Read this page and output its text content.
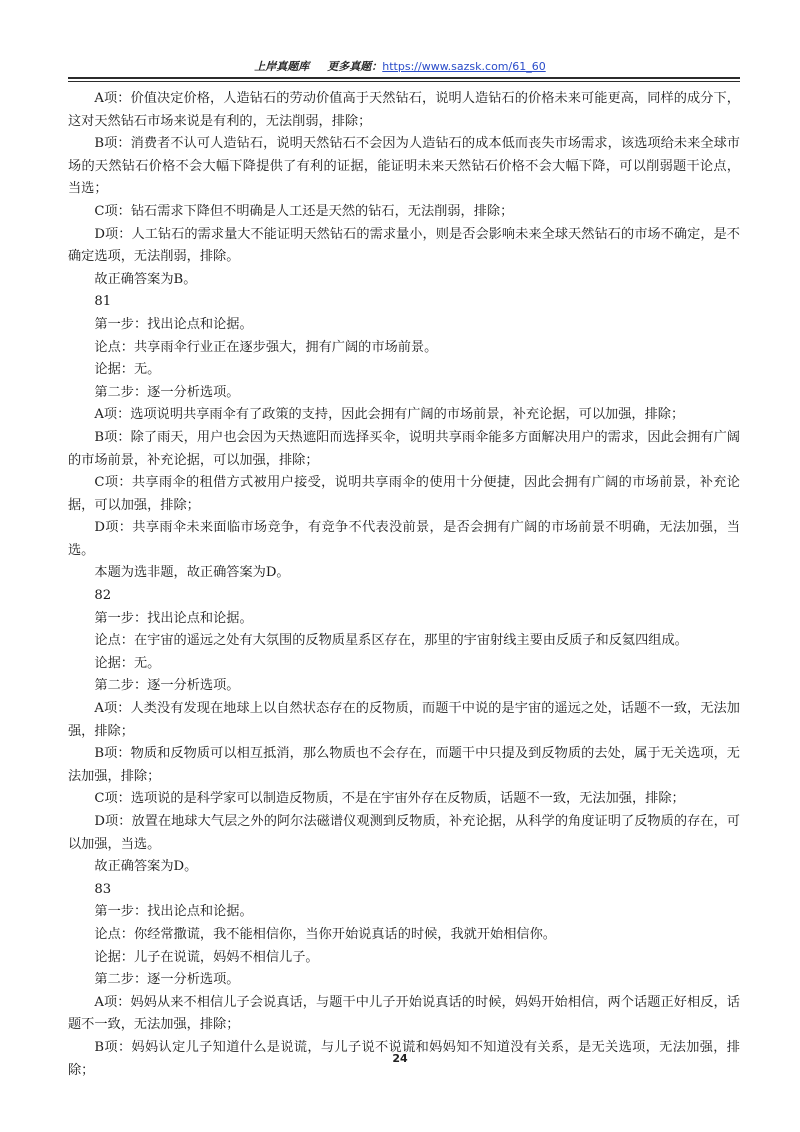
上岸真题库 更多真题：https://www.sazsk.com/61_60

A项：价值决定价格，人造钻石的劳动价值高于天然钻石，说明人造钻石的价格未来可能更高，同样的成分下，这对天然钻石市场来说是有利的，无法削弱，排除；

B项：消费者不认可人造钻石，说明天然钻石不会因为人造钻石的成本低而丧失市场需求，该选项给未来全球市场的天然钻石价格不会大幅下降提供了有利的证据，能证明未来天然钻石价格不会大幅下降，可以削弱题干论点，当选；

C项：钻石需求下降但不明确是人工还是天然的钻石，无法削弱，排除；

D项：人工钻石的需求量大不能证明天然钻石的需求量小，则是否会影响未来全球天然钻石的市场不确定，是不确定选项，无法削弱，排除。

故正确答案为B。

81

第一步：找出论点和论据。

论点：共享雨伞行业正在逐步强大，拥有广阔的市场前景。

论据：无。

第二步：逐一分析选项。

A项：选项说明共享雨伞有了政策的支持，因此会拥有广阔的市场前景，补充论据，可以加强，排除；

B项：除了雨天，用户也会因为天热遮阳而选择买伞，说明共享雨伞能多方面解决用户的需求，因此会拥有广阔的市场前景，补充论据，可以加强，排除；

C项：共享雨伞的租借方式被用户接受，说明共享雨伞的使用十分便捷，因此会拥有广阔的市场前景，补充论据，可以加强，排除；

D项：共享雨伞未来面临市场竞争，有竞争不代表没前景，是否会拥有广阔的市场前景不明确，无法加强，当选。

本题为选非题，故正确答案为D。

82

第一步：找出论点和论据。

论点：在宇宙的遥远之处有大氛围的反物质星系区存在，那里的宇宙射线主要由反质子和反氦四组成。

论据：无。

第二步：逐一分析选项。

A项：人类没有发现在地球上以自然状态存在的反物质，而题干中说的是宇宙的遥远之处，话题不一致，无法加强，排除；

B项：物质和反物质可以相互抵消，那么物质也不会存在，而题干中只提及到反物质的去处，属于无关选项，无法加强，排除；

C项：选项说的是科学家可以制造反物质，不是在宇宙外存在反物质，话题不一致，无法加强，排除；

D项：放置在地球大气层之外的阿尔法磁谱仪观测到反物质，补充论据，从科学的角度证明了反物质的存在，可以加强，当选。

故正确答案为D。

83

第一步：找出论点和论据。

论点：你经常撒谎，我不能相信你，当你开始说真话的时候，我就开始相信你。

论据：儿子在说谎，妈妈不相信儿子。

第二步：逐一分析选项。

A项：妈妈从来不相信儿子会说真话，与题干中儿子开始说真话的时候，妈妈开始相信，两个话题正好相反，话题不一致，无法加强，排除；

B项：妈妈认定儿子知道什么是说谎，与儿子说不说谎和妈妈知不知道没有关系，是无关选项，无法加强，排除；

24
